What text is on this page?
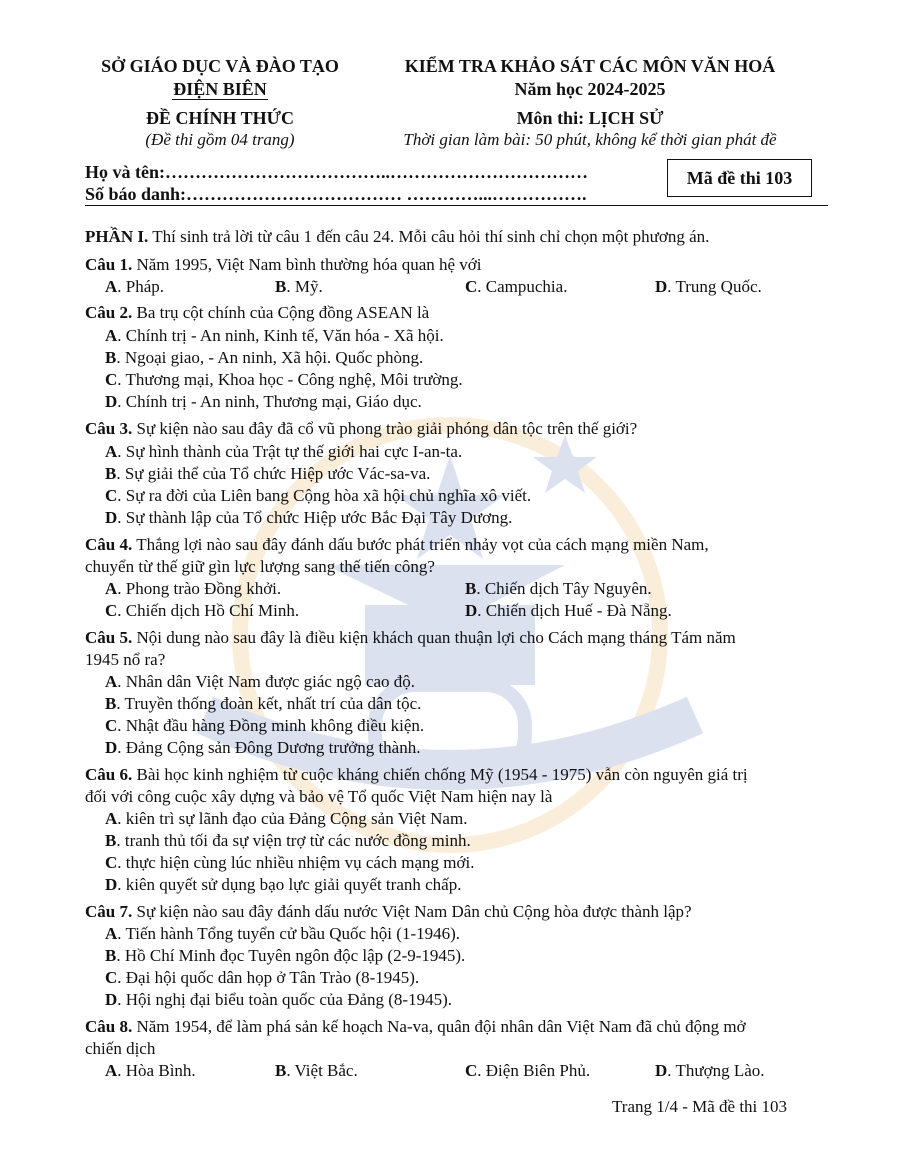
SỞ GIÁO DỤC VÀ ĐÀO TẠO
ĐIỆN BIÊN
ĐỀ CHÍNH THỨC
(Đề thi gồm 04 trang)
KIỂM TRA KHẢO SÁT CÁC MÔN VĂN HOÁ
Năm học 2024-2025
Môn thi: LỊCH SỬ
Thời gian làm bài: 50 phút, không kể thời gian phát đề
Họ và tên:………………………………..……………………………
Số báo danh:……………………………… …………...…………….
Mã đề thi 103
PHẦN I. Thí sinh trả lời từ câu 1 đến câu 24. Mỗi câu hỏi thí sinh chỉ chọn một phương án.
Câu 1. Năm 1995, Việt Nam bình thường hóa quan hệ với
A. Pháp.	B. Mỹ.	C. Campuchia.	D. Trung Quốc.
Câu 2. Ba trụ cột chính của Cộng đồng ASEAN là
A. Chính trị - An ninh, Kinh tế, Văn hóa - Xã hội.
B. Ngoại giao, - An ninh, Xã hội. Quốc phòng.
C. Thương mại, Khoa học - Công nghệ, Môi trường.
D. Chính trị - An ninh, Thương mại, Giáo dục.
Câu 3. Sự kiện nào sau đây đã cổ vũ phong trào giải phóng dân tộc trên thế giới?
A. Sự hình thành của Trật tự thế giới hai cực I-an-ta.
B. Sự giải thể của Tổ chức Hiệp ước Vác-sa-va.
C. Sự ra đời của Liên bang Cộng hòa xã hội chủ nghĩa xô viết.
D. Sự thành lập của Tổ chức Hiệp ước Bắc Đại Tây Dương.
Câu 4. Thắng lợi nào sau đây đánh dấu bước phát triển nhảy vọt của cách mạng miền Nam,
chuyển từ thế giữ gìn lực lượng sang thế tiến công?
A. Phong trào Đồng khởi.	B. Chiến dịch Tây Nguyên.
C. Chiến dịch Hồ Chí Minh.	D. Chiến dịch Huế - Đà Nẵng.
Câu 5. Nội dung nào sau đây là điều kiện khách quan thuận lợi cho Cách mạng tháng Tám năm
1945 nổ ra?
A. Nhân dân Việt Nam được giác ngộ cao độ.
B. Truyền thống đoàn kết, nhất trí của dân tộc.
C. Nhật đầu hàng Đồng minh không điều kiện.
D. Đảng Cộng sản Đông Dương trưởng thành.
Câu 6. Bài học kinh nghiệm từ cuộc kháng chiến chống Mỹ (1954 - 1975) vẫn còn nguyên giá trị
đối với công cuộc xây dựng và bảo vệ Tổ quốc Việt Nam hiện nay là
A. kiên trì sự lãnh đạo của Đảng Cộng sản Việt Nam.
B. tranh thủ tối đa sự viện trợ từ các nước đồng minh.
C. thực hiện cùng lúc nhiều nhiệm vụ cách mạng mới.
D. kiên quyết sử dụng bạo lực giải quyết tranh chấp.
Câu 7. Sự kiện nào sau đây đánh dấu nước Việt Nam Dân chủ Cộng hòa được thành lập?
A. Tiến hành Tổng tuyển cử bầu Quốc hội (1-1946).
B. Hồ Chí Minh đọc Tuyên ngôn độc lập (2-9-1945).
C. Đại hội quốc dân họp ở Tân Trào (8-1945).
D. Hội nghị đại biểu toàn quốc của Đảng (8-1945).
Câu 8. Năm 1954, để làm phá sản kế hoạch Na-va, quân đội nhân dân Việt Nam đã chủ động mở
chiến dịch
A. Hòa Bình.	B. Việt Bắc.	C. Điện Biên Phủ.	D. Thượng Lào.
Trang 1/4 - Mã đề thi 103
